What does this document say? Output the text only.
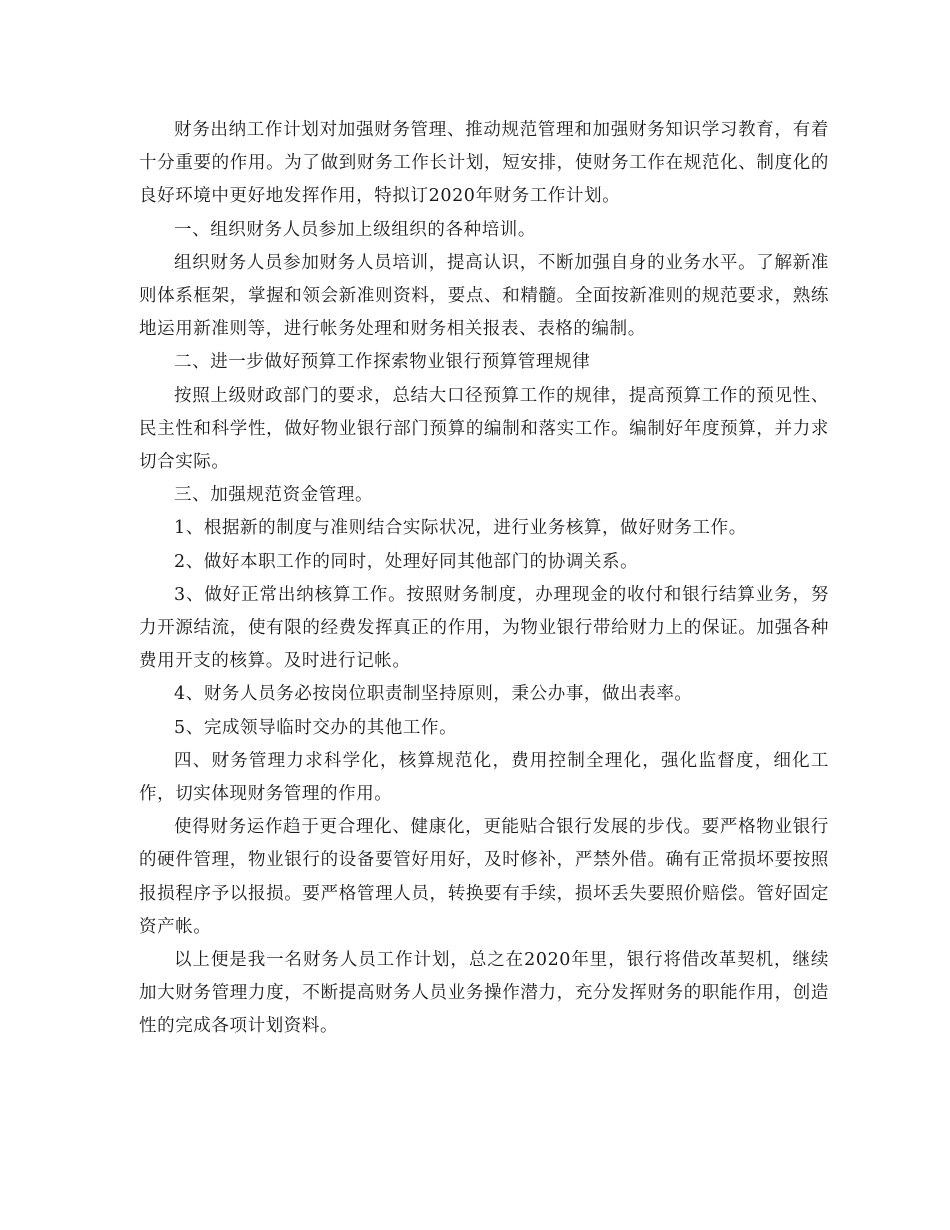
财务出纳工作计划对加强财务管理、推动规范管理和加强财务知识学习教育，有着十分重要的作用。为了做到财务工作长计划，短安排，使财务工作在规范化、制度化的良好环境中更好地发挥作用，特拟订2020年财务工作计划。

一、组织财务人员参加上级组织的各种培训。

组织财务人员参加财务人员培训，提高认识，不断加强自身的业务水平。了解新准则体系框架，掌握和领会新准则资料，要点、和精髓。全面按新准则的规范要求，熟练地运用新准则等，进行帐务处理和财务相关报表、表格的编制。

二、进一步做好预算工作探索物业银行预算管理规律

按照上级财政部门的要求，总结大口径预算工作的规律，提高预算工作的预见性、民主性和科学性，做好物业银行部门预算的编制和落实工作。编制好年度预算，并力求切合实际。

三、加强规范资金管理。

1、根据新的制度与准则结合实际状况，进行业务核算，做好财务工作。

2、做好本职工作的同时，处理好同其他部门的协调关系。

3、做好正常出纳核算工作。按照财务制度，办理现金的收付和银行结算业务，努力开源结流，使有限的经费发挥真正的作用，为物业银行带给财力上的保证。加强各种费用开支的核算。及时进行记帐。

4、财务人员务必按岗位职责制坚持原则，秉公办事，做出表率。

5、完成领导临时交办的其他工作。

四、财务管理力求科学化，核算规范化，费用控制全理化，强化监督度，细化工作，切实体现财务管理的作用。

使得财务运作趋于更合理化、健康化，更能贴合银行发展的步伐。要严格物业银行的硬件管理，物业银行的设备要管好用好，及时修补，严禁外借。确有正常损坏要按照报损程序予以报损。要严格管理人员，转换要有手续，损坏丢失要照价赔偿。管好固定资产帐。

以上便是我一名财务人员工作计划，总之在2020年里，银行将借改革契机，继续加大财务管理力度，不断提高财务人员业务操作潜力，充分发挥财务的职能作用，创造性的完成各项计划资料。
